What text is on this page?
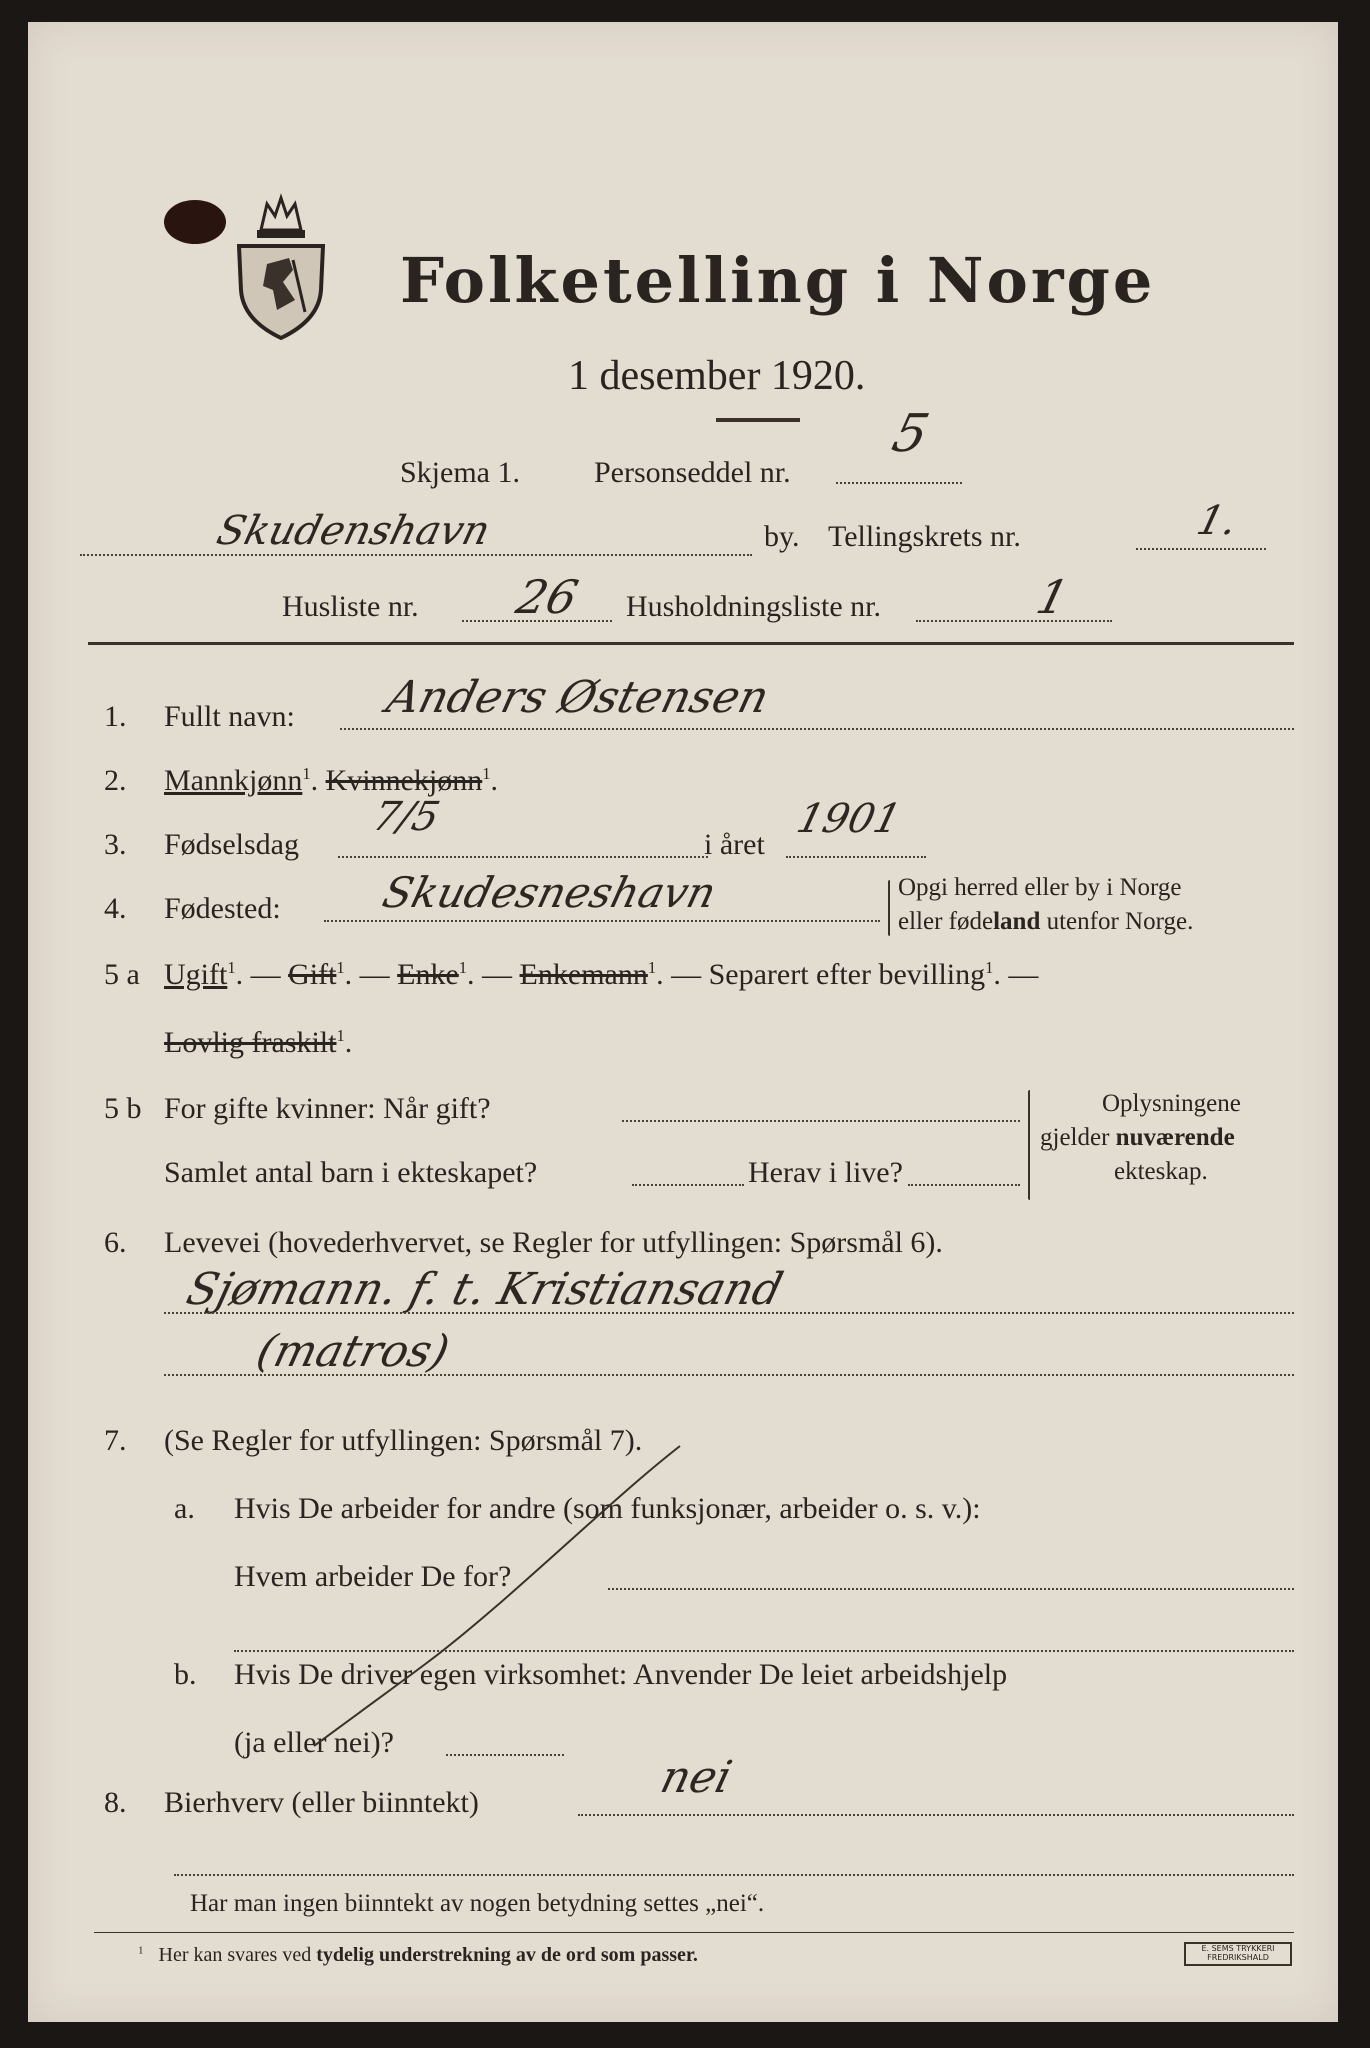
Folketelling i Norge
1 desember 1920.
Skjema 1. Personseddel nr.
5
Skudenshavn	by. Tellingskrets nr.	1.
Husliste nr. 26 Husholdningsliste nr.	1
1. Fullt navn: Anders Østensen
2. Mannkjønn$^1$. Kvinnekjønn$^1$.
3. Fødselsdag
7/5
i året
1901
4. Fødested: Skudesneshavn	Opgi herred eller by i Norge
eller fødeland utenfor Norge.
5 a Ugift$^1$. — Gift$^1$. — Enke$^1$. — Enkemann$^1$. — Separert efter bevilling$^1$. —
Lovlig fraskilt$^1$.
5 b For gifte kvinner: Når gift?
Samlet antal barn i ekteskapet?	Herav i live?
Oplysningene
gjelder nuværende
ekteskap.
6. Levevei (hovederhvervet, se Regler for utfyllingen: Spørsmål 6).
Sjømann. f. t. Kristiansand
(matros)
7. (Se Regler for utfyllingen: Spørsmål 7).
a. Hvis De arbeider for andre (som funksjonær, arbeider o. s. v.):
Hvem arbeider De for?
b. Hvis De driver egen virksomhet: Anvender De leiet arbeidshjelp
(ja eller nei)?
8. Bierhverv (eller biinntekt)	nei
Har man ingen biinntekt av nogen betydning settes „nei“.
$^1$ Her kan svares ved tydelig understrekning av de ord som passer.	E. SEMS TRYKKERI FREDRIKSHALD
